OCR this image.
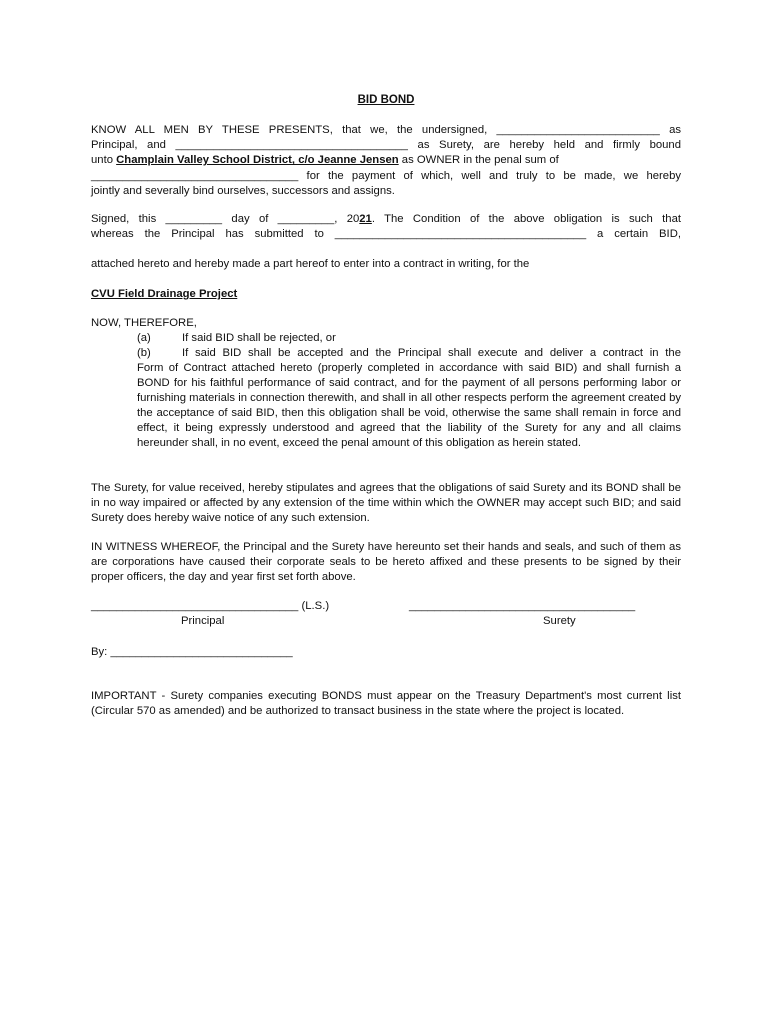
BID BOND
KNOW ALL MEN BY THESE PRESENTS, that we, the undersigned, __________________________ as
Principal, and _____________________________________ as Surety, are hereby held and firmly bound
unto Champlain Valley School District, c/o Jeanne Jensen as OWNER in the penal sum of
_________________________________ for the payment of which, well and truly to be made, we hereby
jointly and severally bind ourselves, successors and assigns.
Signed, this _________ day of _________, 2021. The Condition of the above obligation is such that
whereas the Principal has submitted to ________________________________________ a certain BID,
attached hereto and hereby made a part hereof to enter into a contract in writing, for the
CVU Field Drainage Project
NOW, THEREFORE,
(a)	If said BID shall be rejected, or
(b)	If said BID shall be accepted and the Principal shall execute and deliver a contract in the
Form of Contract attached hereto (properly completed in accordance with said BID) and shall furnish a BOND for his faithful performance of said contract, and for the payment of all persons performing labor or furnishing materials in connection therewith, and shall in all other respects perform the agreement created by the acceptance of said BID, then this obligation shall be void, otherwise the same shall remain in force and effect, it being expressly understood and agreed that the liability of the Surety for any and all claims hereunder shall, in no event, exceed the penal amount of this obligation as herein stated.
The Surety, for value received, hereby stipulates and agrees that the obligations of said Surety and its BOND shall be in no way impaired or affected by any extension of the time within which the OWNER may accept such BID; and said Surety does hereby waive notice of any such extension.
IN WITNESS WHEREOF, the Principal and the Surety have hereunto set their hands and seals, and such of them as are corporations have caused their corporate seals to be hereto affixed and these presents to be signed by their proper officers, the day and year first set forth above.
_________________________________ (L.S.)	____________________________________
Principal	Surety
By: _____________________________
IMPORTANT - Surety companies executing BONDS must appear on the Treasury Department's most current list (Circular 570 as amended) and be authorized to transact business in the state where the project is located.
